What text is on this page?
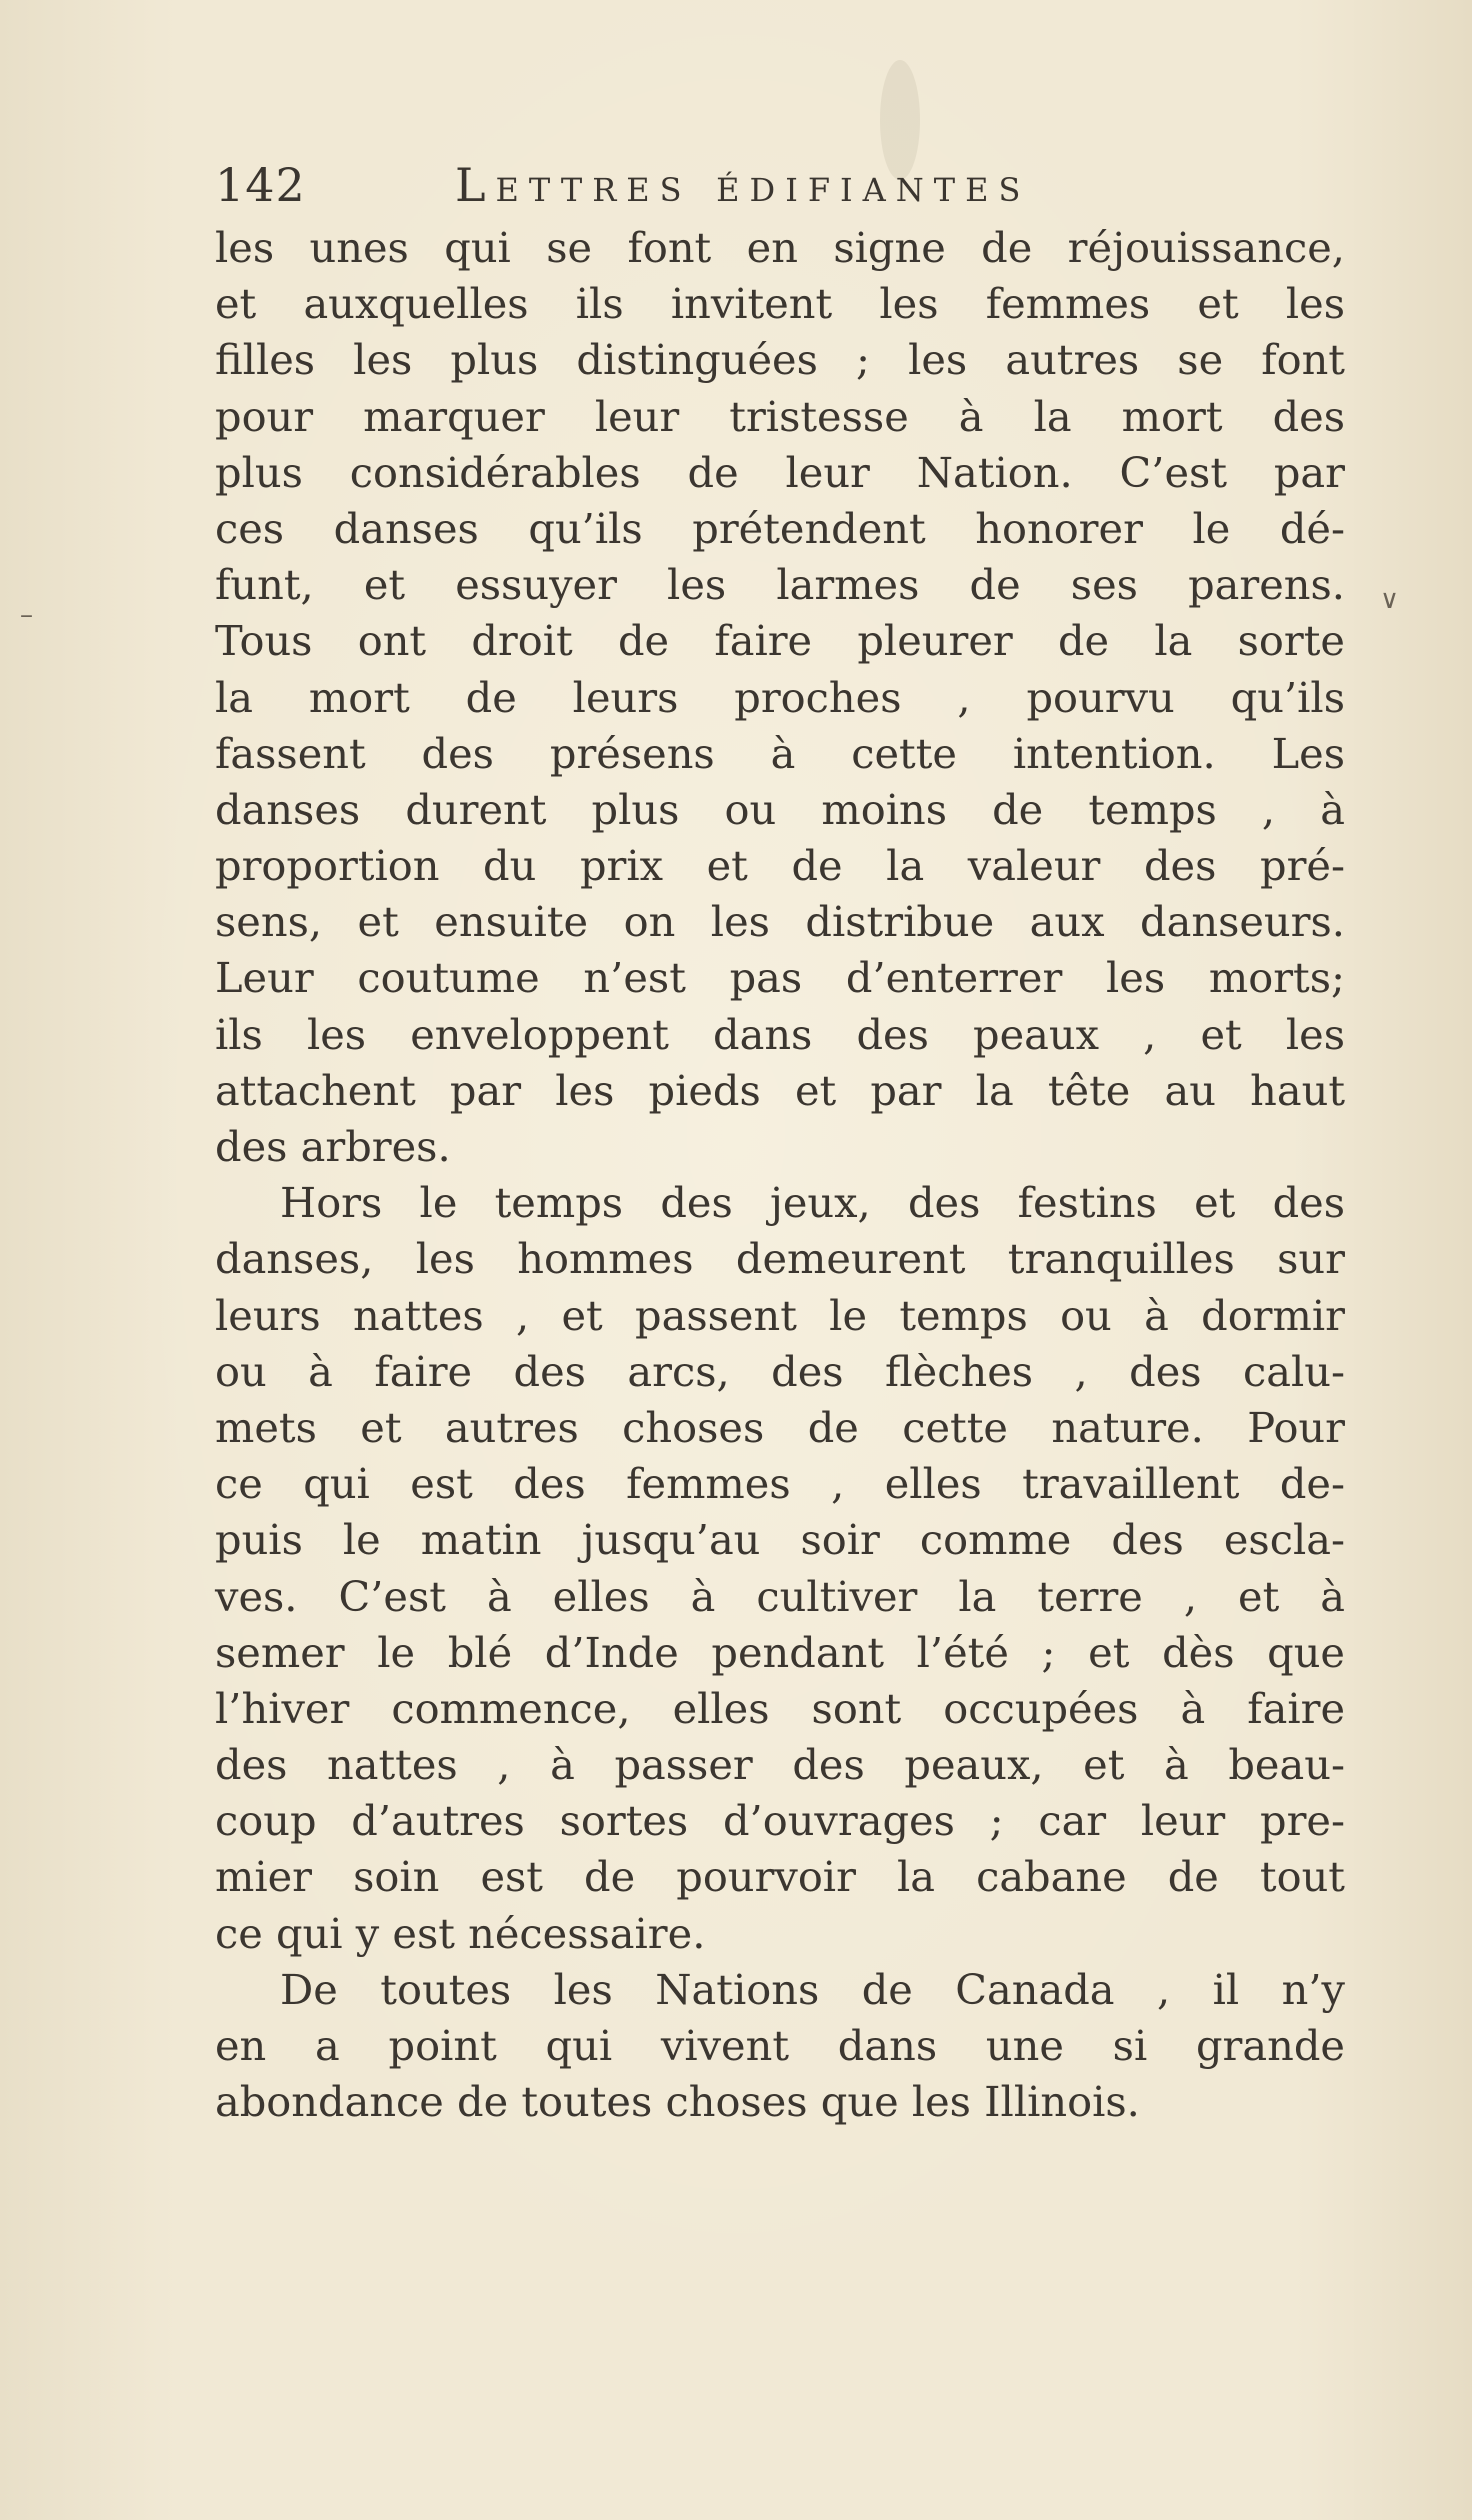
∨
–
142	Lettres édifiantes
les unes qui se font en signe de réjouissance,
et auxquelles ils invitent les femmes et les
filles les plus distinguées ; les autres se font
pour marquer leur tristesse à la mort des
plus considérables de leur Nation. C’est par
ces danses qu’ils prétendent honorer le dé-
funt, et essuyer les larmes de ses parens.
Tous ont droit de faire pleurer de la sorte
la mort de leurs proches , pourvu qu’ils
fassent des présens à cette intention. Les
danses durent plus ou moins de temps , à
proportion du prix et de la valeur des pré-
sens, et ensuite on les distribue aux danseurs.
Leur coutume n’est pas d’enterrer les morts;
ils les enveloppent dans des peaux , et les
attachent par les pieds et par la tête au haut
des arbres.
Hors le temps des jeux, des festins et des
danses, les hommes demeurent tranquilles sur
leurs nattes , et passent le temps ou à dormir
ou à faire des arcs, des flèches , des calu-
mets et autres choses de cette nature. Pour
ce qui est des femmes , elles travaillent de-
puis le matin jusqu’au soir comme des escla-
ves. C’est à elles à cultiver la terre , et à
semer le blé d’Inde pendant l’été ; et dès que
l’hiver commence, elles sont occupées à faire
des nattes , à passer des peaux, et à beau-
coup d’autres sortes d’ouvrages ; car leur pre-
mier soin est de pourvoir la cabane de tout
ce qui y est nécessaire.
De toutes les Nations de Canada , il n’y
en a point qui vivent dans une si grande
abondance de toutes choses que les Illinois.
